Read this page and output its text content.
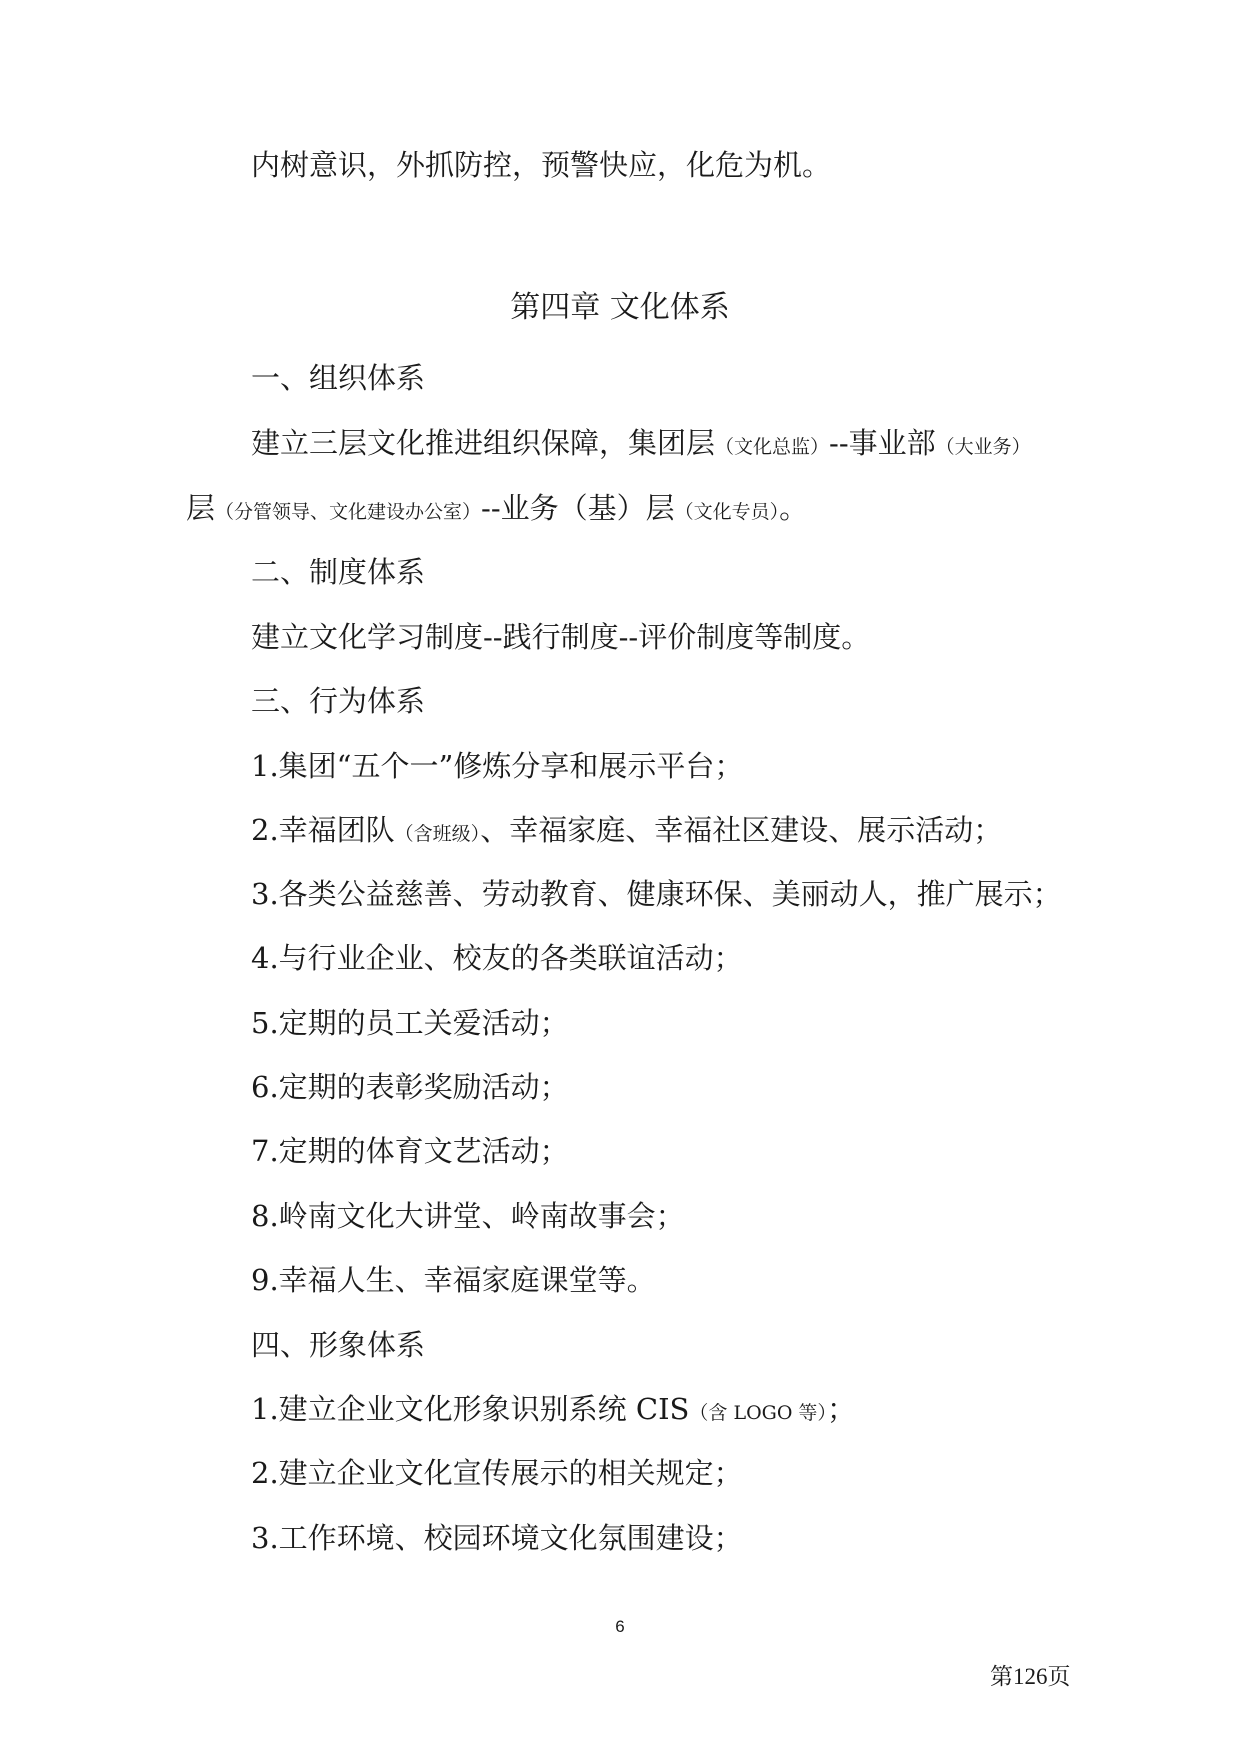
内树意识，外抓防控，预警快应，化危为机。
第四章 文化体系
一、组织体系
建立三层文化推进组织保障，集团层（文化总监）--事业部（大业务）
层（分管领导、文化建设办公室）--业务（基）层（文化专员）。
二、制度体系
建立文化学习制度--践行制度--评价制度等制度。
三、行为体系
1.集团“五个一”修炼分享和展示平台；
2.幸福团队（含班级）、幸福家庭、幸福社区建设、展示活动；
3.各类公益慈善、劳动教育、健康环保、美丽动人，推广展示；
4.与行业企业、校友的各类联谊活动；
5.定期的员工关爱活动；
6.定期的表彰奖励活动；
7.定期的体育文艺活动；
8.岭南文化大讲堂、岭南故事会；
9.幸福人生、幸福家庭课堂等。
四、形象体系
1.建立企业文化形象识别系统 CIS（含 LOGO 等）；
2.建立企业文化宣传展示的相关规定；
3.工作环境、校园环境文化氛围建设；
6
第126页
